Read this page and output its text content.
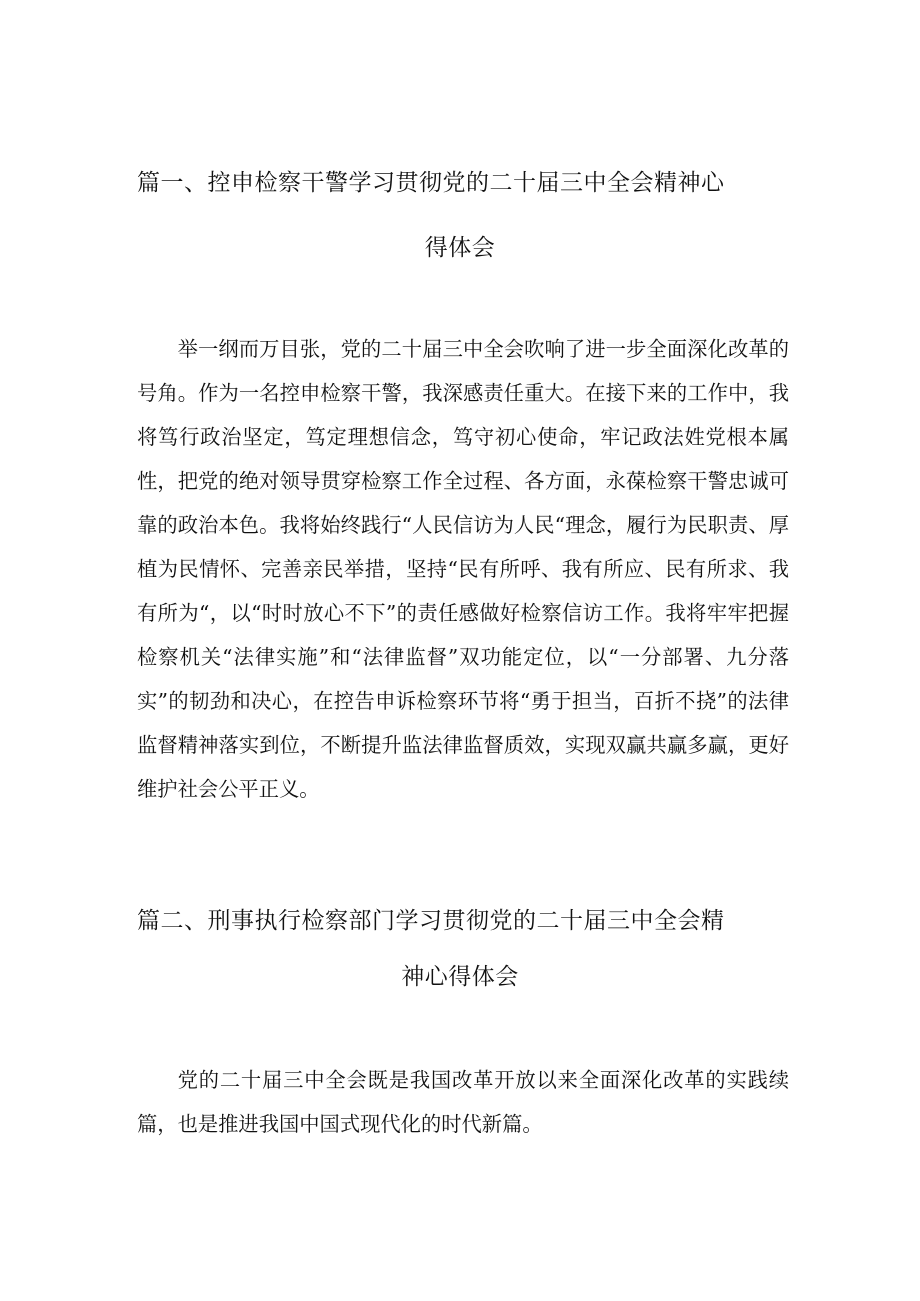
篇一、控申检察干警学习贯彻党的二十届三中全会精神心
得体会

举一纲而万目张，党的二十届三中全会吹响了进一步全面深化改革的号角。作为一名控申检察干警，我深感责任重大。在接下来的工作中，我将笃行政治坚定，笃定理想信念，笃守初心使命，牢记政法姓党根本属性，把党的绝对领导贯穿检察工作全过程、各方面，永葆检察干警忠诚可靠的政治本色。我将始终践行“人民信访为人民“理念，履行为民职责、厚植为民情怀、完善亲民举措，坚持“民有所呼、我有所应、民有所求、我有所为“，以“时时放心不下”的责任感做好检察信访工作。我将牢牢把握检察机关“法律实施”和“法律监督”双功能定位，以“一分部署、九分落实”的韧劲和决心，在控告申诉检察环节将“勇于担当，百折不挠”的法律监督精神落实到位，不断提升监法律监督质效，实现双赢共赢多赢，更好维护社会公平正义。

篇二、刑事执行检察部门学习贯彻党的二十届三中全会精
神心得体会

党的二十届三中全会既是我国改革开放以来全面深化改革的实践续篇，也是推进我国中国式现代化的时代新篇。
